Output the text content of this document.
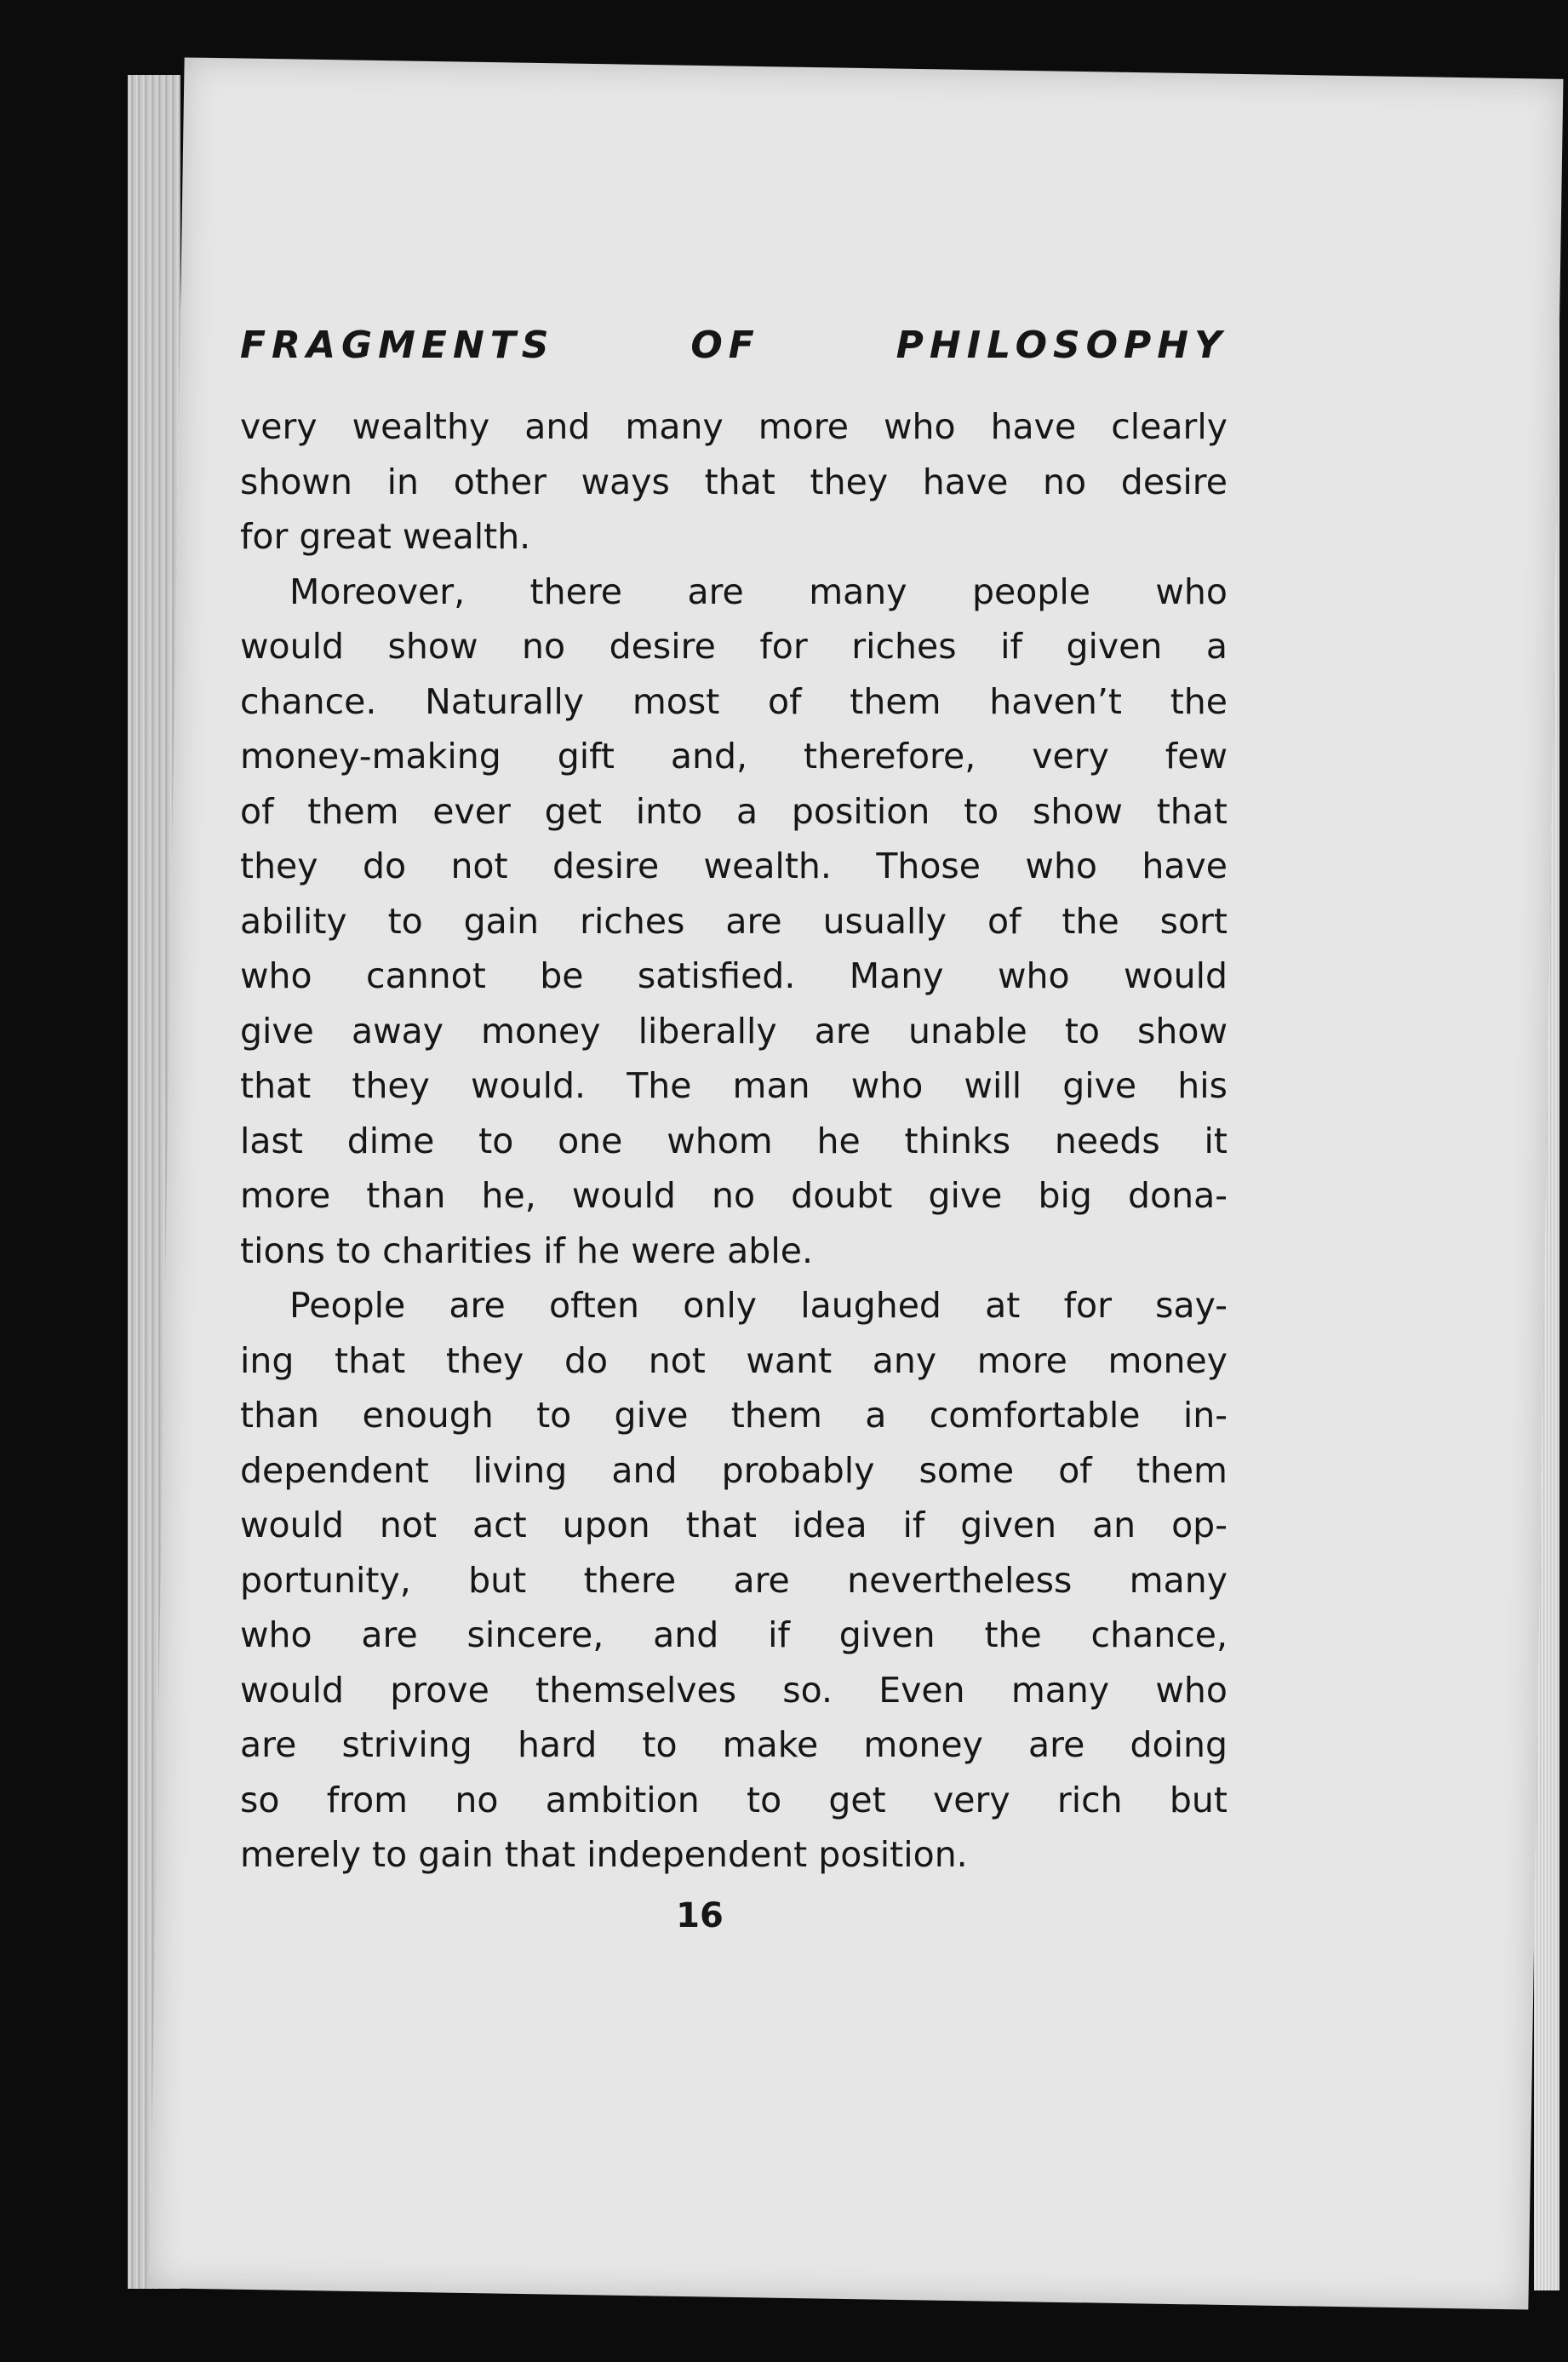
FRAGMENTS OF PHILOSOPHY
very wealthy and many more who have clearly
shown in other ways that they have no desire
for great wealth.
Moreover, there are many people who
would show no desire for riches if given a
chance. Naturally most of them haven’t the
money-making gift and, therefore, very few
of them ever get into a position to show that
they do not desire wealth. Those who have
ability to gain riches are usually of the sort
who cannot be satisfied. Many who would
give away money liberally are unable to show
that they would. The man who will give his
last dime to one whom he thinks needs it
more than he, would no doubt give big dona-
tions to charities if he were able.
People are often only laughed at for say-
ing that they do not want any more money
than enough to give them a comfortable in-
dependent living and probably some of them
would not act upon that idea if given an op-
portunity, but there are nevertheless many
who are sincere, and if given the chance,
would prove themselves so. Even many who
are striving hard to make money are doing
so from no ambition to get very rich but
merely to gain that independent position.
16
